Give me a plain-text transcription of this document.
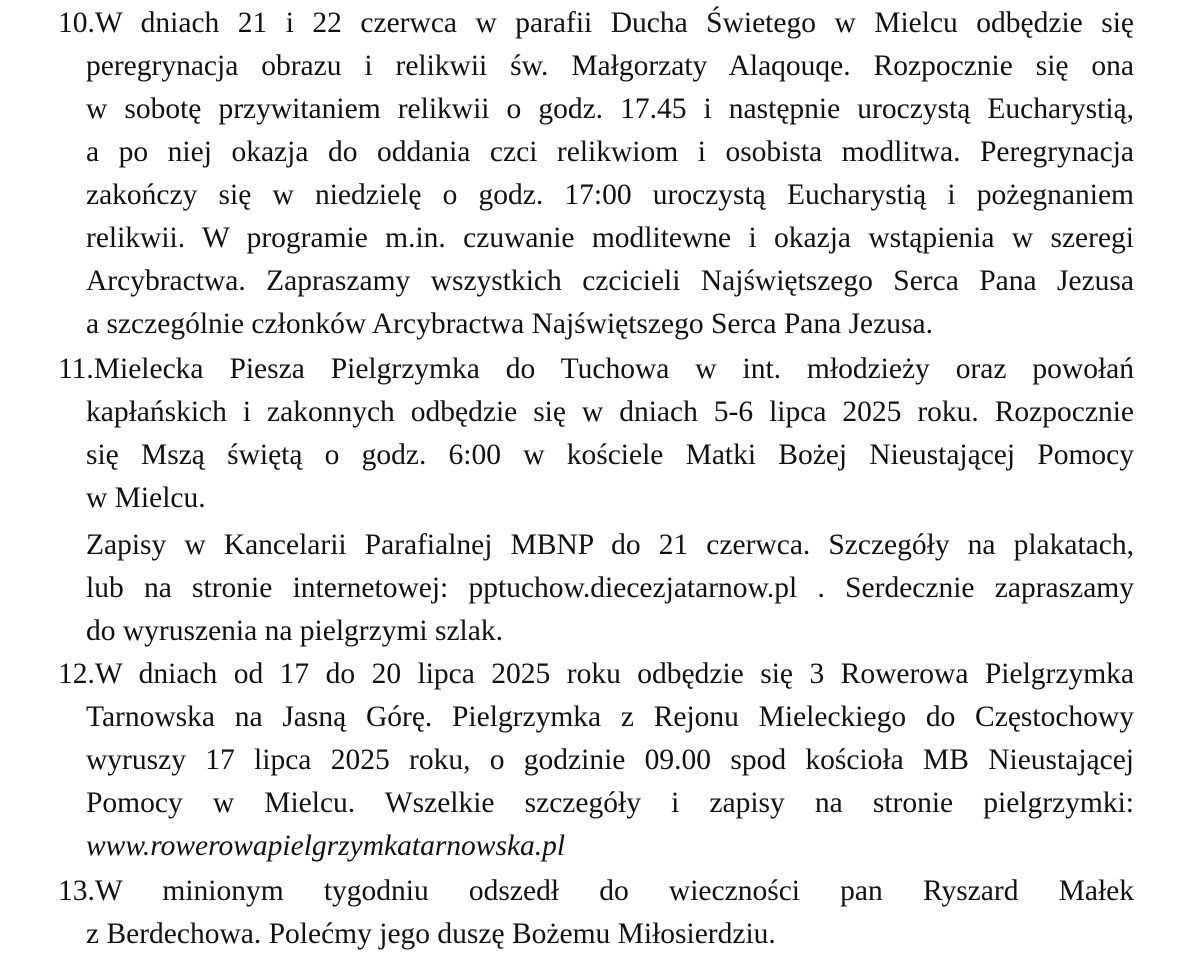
10.W dniach 21 i 22 czerwca w parafii Ducha Świetego w Mielcu odbędzie się
peregrynacja obrazu i relikwii św. Małgorzaty Alaqouqe. Rozpocznie się ona
w sobotę przywitaniem relikwii o godz. 17.45 i następnie uroczystą Eucharystią,
a po niej okazja do oddania czci relikwiom i osobista modlitwa. Peregrynacja
zakończy się w niedzielę o godz. 17:00 uroczystą Eucharystią i pożegnaniem
relikwii. W programie m.in. czuwanie modlitewne i okazja wstąpienia w szeregi
Arcybractwa. Zapraszamy wszystkich czcicieli Najświętszego Serca Pana Jezusa
a szczególnie członków Arcybractwa Najświętszego Serca Pana Jezusa.
11.Mielecka Piesza Pielgrzymka do Tuchowa w int. młodzieży oraz powołań
kapłańskich i zakonnych odbędzie się w dniach 5-6 lipca 2025 roku. Rozpocznie
się Mszą świętą o godz. 6:00 w kościele Matki Bożej Nieustającej Pomocy
w Mielcu.
Zapisy w Kancelarii Parafialnej MBNP do 21 czerwca. Szczegóły na plakatach,
lub na stronie internetowej: pptuchow.diecezjatarnow.pl . Serdecznie zapraszamy
do wyruszenia na pielgrzymi szlak.
12.W dniach od 17 do 20 lipca 2025 roku odbędzie się 3 Rowerowa Pielgrzymka
Tarnowska na Jasną Górę. Pielgrzymka z Rejonu Mieleckiego do Częstochowy
wyruszy 17 lipca 2025 roku, o godzinie 09.00 spod kościoła MB Nieustającej
Pomocy w Mielcu. Wszelkie szczegóły i zapisy na stronie pielgrzymki:
www.rowerowapielgrzymkatarnowska.pl
13.W minionym tygodniu odszedł do wieczności pan Ryszard Małek
z Berdechowa. Polećmy jego duszę Bożemu Miłosierdziu.
